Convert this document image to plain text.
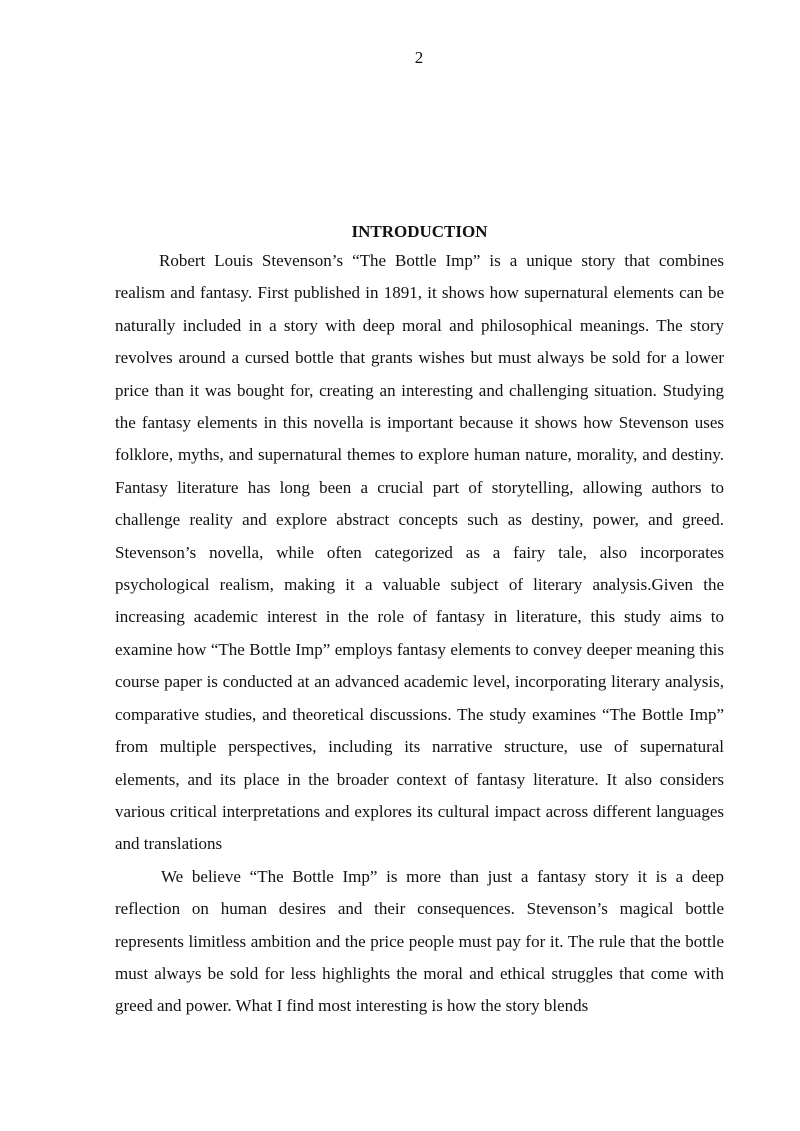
2
INTRODUCTION

Robert Louis Stevenson’s “The Bottle Imp” is a unique story that combines realism and fantasy. First published in 1891, it shows how supernatural elements can be naturally included in a story with deep moral and philosophical meanings. The story revolves around a cursed bottle that grants wishes but must always be sold for a lower price than it was bought for, creating an interesting and challenging situation. Studying the fantasy elements in this novella is important because it shows how Stevenson uses folklore, myths, and supernatural themes to explore human nature, morality, and destiny. Fantasy literature has long been a crucial part of storytelling, allowing authors to challenge reality and explore abstract concepts such as destiny, power, and greed. Stevenson’s novella, while often categorized as a fairy tale, also incorporates psychological realism, making it a valuable subject of literary analysis.Given the increasing academic interest in the role of fantasy in literature, this study aims to examine how “The Bottle Imp” employs fantasy elements to convey deeper meaning this course paper is conducted at an advanced academic level, incorporating literary analysis, comparative studies, and theoretical discussions. The study examines “The Bottle Imp” from multiple perspectives, including its narrative structure, use of supernatural elements, and its place in the broader context of fantasy literature. It also considers various critical interpretations and explores its cultural impact across different languages and translations

We believe “The Bottle Imp” is more than just a fantasy story it is a deep reflection on human desires and their consequences. Stevenson’s magical bottle represents limitless ambition and the price people must pay for it. The rule that the bottle must always be sold for less highlights the moral and ethical struggles that come with greed and power. What I find most interesting is how the story blends
